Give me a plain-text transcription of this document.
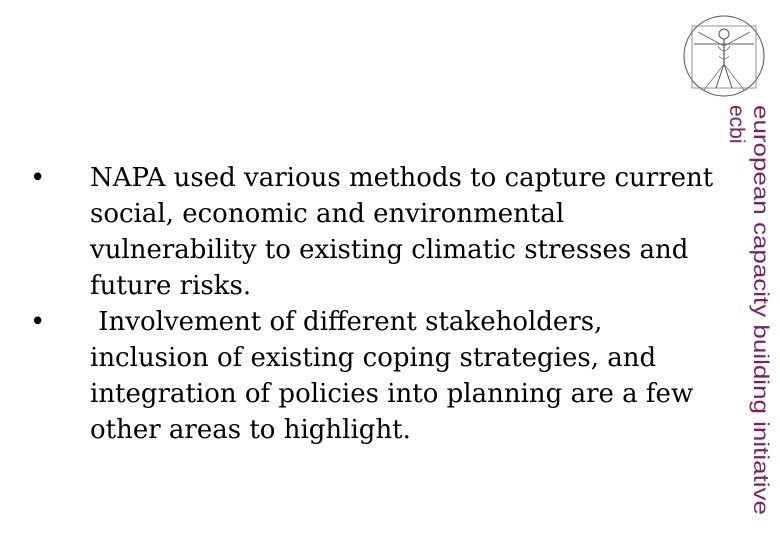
•	NAPA used various methods to capture current social, economic and environmental vulnerability to existing climatic stresses and future risks.
•	Involvement of different stakeholders, inclusion of existing coping strategies, and integration of policies into planning are a few other areas to highlight.	european capacity building initiative
ecbi
